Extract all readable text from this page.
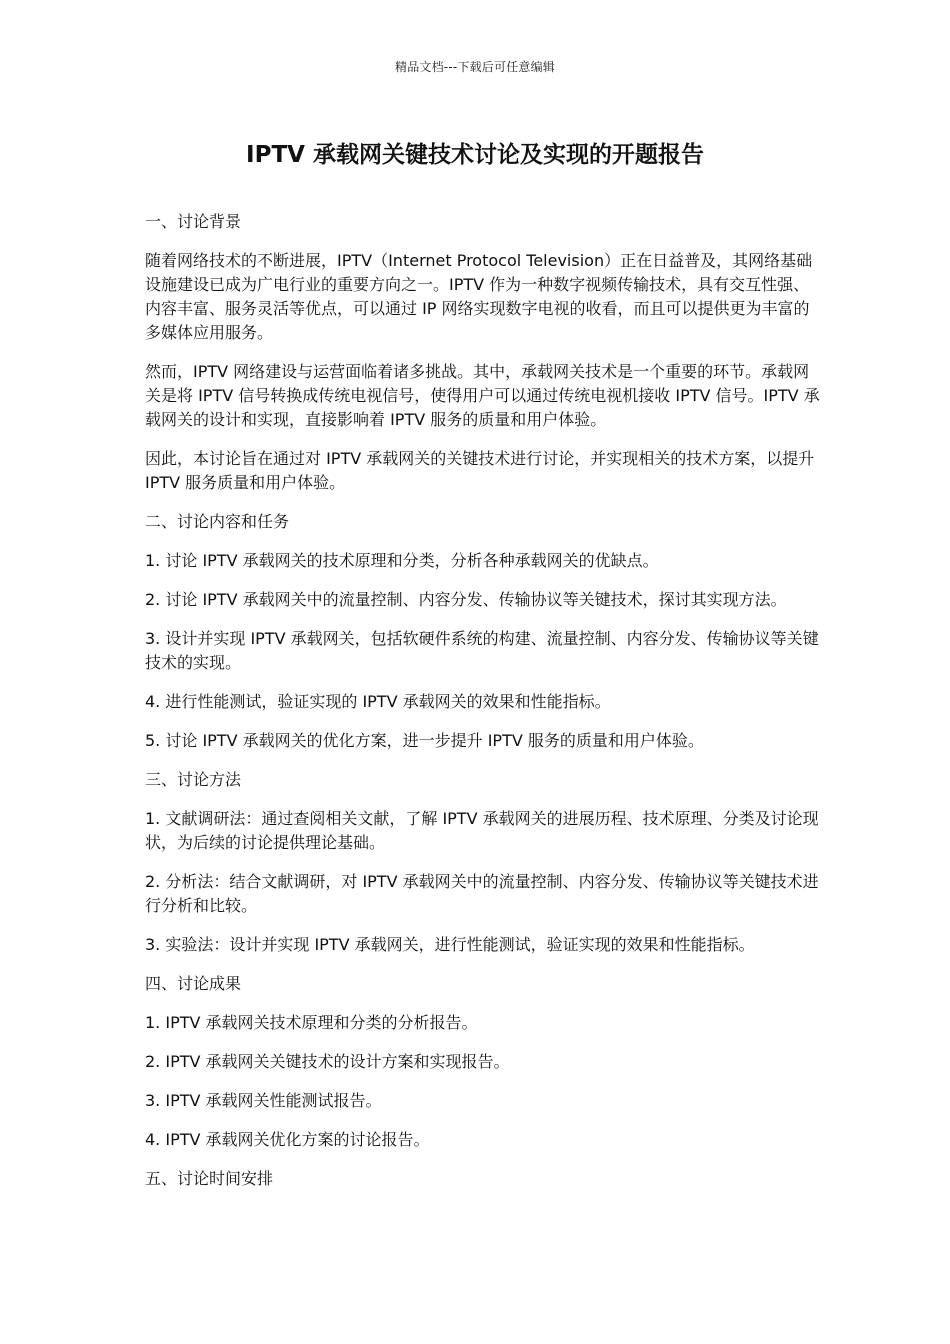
精品文档---下载后可任意编辑
IPTV 承载网关键技术讨论及实现的开题报告

一、讨论背景

随着网络技术的不断进展，IPTV（Internet Protocol Television）正在日益普及，其网络基础设施建设已成为广电行业的重要方向之一。IPTV 作为一种数字视频传输技术，具有交互性强、内容丰富、服务灵活等优点，可以通过 IP 网络实现数字电视的收看，而且可以提供更为丰富的多媒体应用服务。

然而，IPTV 网络建设与运营面临着诸多挑战。其中，承载网关技术是一个重要的环节。承载网关是将 IPTV 信号转换成传统电视信号，使得用户可以通过传统电视机接收 IPTV 信号。IPTV 承载网关的设计和实现，直接影响着 IPTV 服务的质量和用户体验。

因此，本讨论旨在通过对 IPTV 承载网关的关键技术进行讨论，并实现相关的技术方案，以提升 IPTV 服务质量和用户体验。

二、讨论内容和任务

1. 讨论 IPTV 承载网关的技术原理和分类，分析各种承载网关的优缺点。

2. 讨论 IPTV 承载网关中的流量控制、内容分发、传输协议等关键技术，探讨其实现方法。

3. 设计并实现 IPTV 承载网关，包括软硬件系统的构建、流量控制、内容分发、传输协议等关键技术的实现。

4. 进行性能测试，验证实现的 IPTV 承载网关的效果和性能指标。

5. 讨论 IPTV 承载网关的优化方案，进一步提升 IPTV 服务的质量和用户体验。

三、讨论方法

1. 文献调研法：通过查阅相关文献，了解 IPTV 承载网关的进展历程、技术原理、分类及讨论现状，为后续的讨论提供理论基础。

2. 分析法：结合文献调研，对 IPTV 承载网关中的流量控制、内容分发、传输协议等关键技术进行分析和比较。

3. 实验法：设计并实现 IPTV 承载网关，进行性能测试，验证实现的效果和性能指标。

四、讨论成果

1. IPTV 承载网关技术原理和分类的分析报告。

2. IPTV 承载网关关键技术的设计方案和实现报告。

3. IPTV 承载网关性能测试报告。

4. IPTV 承载网关优化方案的讨论报告。

五、讨论时间安排
